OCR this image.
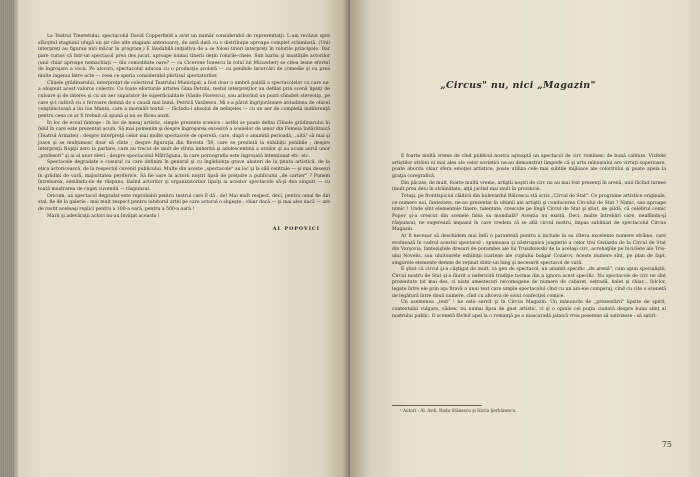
La Teatrul Tineretului, spectacolul David Copperfield a avut un număr considerabil de reprezentaţii. L-am revăzut spre sfârşitul stagiunii (după un şir cite alte stagiuni anterioare), de astă dată cu o distribuţie aproape complet schimbată. (Unii interpreţi au figurau nici măcar în program.) E lăudabilă iniţiativa de a se folosi tineri interpreţi în rolurile principale. Dar pare curios că într-un spectacol prea des jucat, aproape numai tinerii deţin rolurile-cheie. Sub barba şi mustăţile actorilor (unii chiar aproape nemachiaţi — diu comoditate oare? — ca Cicerone Ionescu în rolul lui Micawber) se citea lesne efortul de îngroşare a vocii. Pe alocuri, spectacolul aducea cu o producţie şcolară — cu penibile încercări de comedie şi cu prea multe ingenui între acte — ceea ce speria considerabil plictisul spectatorilor.

Cîinele grădinarului, interpretat de colectivul Teatrului Municipal, a fost doar o umbră palidă a spectacolelor cu care ne-a obişnuit acest valoros colectiv. Cu toate eforturile artistei Gina Petrini, restul interpreţilor au defilat prin scenă lipsiţi de culoare şi de interes şi cu un aer suparator de superficialitate (Vasile Florescu), sau arborînd un pozri cîinsbet stereotip, pe care şi-l cultivă cu o fervoare demnă de o cauză mai bună, Petrică Vasilescu. Mi s-a părut îngrijorătoare atitudinea de obicei conştiincioasă a lui Ion Manta, care a mormăit textul — făcîndu-l absolut de neînţeles — cu un aer de completă indiferenţă pentru ceea ce ar fi trebuit să spună şi nu se făcea auzit.

În loc de ecoul fantoşe : în loc de mesaj artistic, simple prezente scenice : astfel se poate defini Cîinele grădinarului în felul în care este prezentat acum. Să mai pomenim şi despre îngroşarea excesivă a scenelor de umor din Femeia îndărătnică (Teatrul Armatei) : despre interpreţii celor mai multe spectacole de operetă, care, după o anumită perioadă, „uită" să mai şi joace şi se mulţumesc doar să cînte ; despre figuraţia din Revista '58, care se prezintă la exhibiţii penibile ; despre interpreţii Nopţii zero la partare, care au trecut de mult de vîrsta imberbă şi adolescentină a eroilor şi au acum aerul unor „profesori" şi ai al unor elevi ; despre spectacolul Mătrăguna, în care pornografia este îngroşată intenţionat etc. etc.

Spectacole degradate e cusurul cu care definim în general şi cu îngăduinţa grave abateri de la ţinuta artistică, de la etica actoricească, de la respectul cuvenit publicului. Multe din aceste „spectacole" au loc şi la săli centrale — şi mai deseori în grădini de vară, majoritatea periferice. Să fie oare la actorii noştri lipsă de preţuire a publicului „de cartier" ? Punem întrebarea, semăndu-ne de răspuns, lăsînd actorilor şi organizatorilor lipsiţi ai acestor spectacole să-şi dea singuri — cu toată mustrarea de cuget cuvenită — răspunsul.

Oricum, un spectacol degradat este reprobabil pentru teatrul care îl dă ; de! Mai mult respect, deci, pentru omul fie din stal, fie de la galerie : mai mult respect pentru iubitorul artei pe care actorul o slujeşte ; chiar dacă — şi mai ales dacă — are de rostit aceleaşi replici pentru a 100-a oară, pentru a 500-a oară !

Marii şi adevăraţii actori nu-au învăţat aceasta !

AL POPOVICI

E foarte multă vreme de cînd publicul nostru aşteaptă un spectacol de circ romînesc de bună calitate. Vizitele artiştilor străini ni mai ales ale celor sovietici ne-au demonstrat limpede că şi arta mînuşiului are virtuţi superioare, poate aborda chiar sfera emoţiei artistice, poate utiliza cele mai subtile mijloace ale coloritului şi poate apela la graţia coregrafică.

Din păcate, de mult, foarte multă vreme, artiştii noştri de circ nu au mai fost prezenţi în arenă, unii făcînd turnee (mult prea des) în străinătate, alţii jucînd mai mult în provincie.

Totuşi, pe frontispiciul clădirii din bulevardul Bălcescu stă scris „Circul de Stat". Ce programe artistice originale, ce numere noi, fanteziste, ne-au prezentat în ultimii ani artiştii şi conducerea Circului de Stat ? Nimic, sau aproape nimic ! Unde sînt elementele tinere, talentate, crescute pe lîngă Circul de Stat şi ştiut, de pildă, că celebrul comic Popov şi-a crescut din scenele falsa sa mondială? Aceştia nu există. Deci, multe întrebări care, neaflîndu-şi răspunsul, ne sugerează impasul în care credem că se află circul nostru, impas subliniat de spectacolul Circus Magazin.

Ar fi necesar să deschidem mai întîi o paranteză pentru a include în ea cîteva excelente numere străine, care evoluează în cadrul acestui spectacol : spumoasa şi năstruşnica jonglerie a celor trei Gwiazda de la Circul de Stat din Varşovia, fanteziştele dresuri de porumbei ale lui Truszkowski de la acelaşi circ, acrobaţiile pe biciclete ale Trio-ului Novelis, sau uluitoarele exhibiţii icariene ale cuplului bulgar Cozarov. Aceste numere sînt, pe plan de fapt, singurele elemente demne de reţinut dintr-un lung şi necesarit spectacol de vară.

E ştiut că circul şi-a câştigat de mult, ca gen de spectacol, un anumit specific „de arenă", cum spun specialiştii. Circul nostru de Stat şi-a făurit o nefericită tradiţie tocmai din a ignora acest specific. Nu spectacole de circ ne sînt prezentate tot mai des, ci niste amestecuri necomogene de numere de cabaret, estradă, balet şi chiar... folclor, legate între ele prin aţa firavă a unui text care umple spectacolul cînd cu un am-eie comperaj, cînd cu cite o scenetă de legătură între două numere, cînd cu altceva de soiul confecţiei comice.

Un asemenea „text" ¹ ne este servit şi în Circus Magazin. Un mănunchi de „prezentării" lipsite de spirit, contextului vulgare, vădesc nu numai lipsa de gust artistic, ci şi o opinie cel puţin ciudată despre buna simţ al nostrului public. O scenetă făcînd apel la o romanţă pe o mascaradă jalnică vrea pesemne să satirizeze : să satiri-

¹ Autori : Al. Ardi, Radu Stănescu şi Horia Şerbănescu.
75
„Circus" nu, nici „Magazin"
